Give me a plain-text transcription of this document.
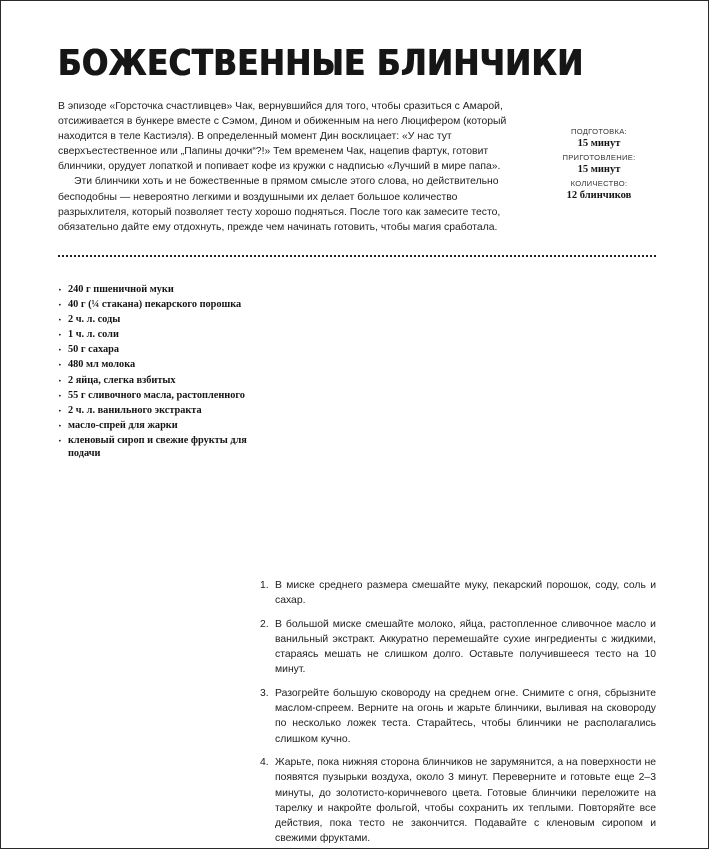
БОЖЕСТВЕННЫЕ БЛИНЧИКИ

В эпизоде «Горсточка счастливцев» Чак, вернувшийся для того, чтобы сразиться с Амарой, отсиживается в бункере вместе с Сэмом, Дином и обиженным на него Люцифером (который находится в теле Кастиэля). В определенный момент Дин восклицает: «У нас тут сверхъестественное или „Папины дочки“?!» Тем временем Чак, нацепив фартук, готовит блинчики, орудует лопаткой и попивает кофе из кружки с надписью «Лучший в мире папа».

Эти блинчики хоть и не божественные в прямом смысле этого слова, но действительно бесподобны — невероятно легкими и воздушными их делает большое количество разрыхлителя, который позволяет тесту хорошо подняться. После того как замесите тесто, обязательно дайте ему отдохнуть, прежде чем начинать готовить, чтобы магия сработала.

ПОДГОТОВКА:
15 минут
ПРИГОТОВЛЕНИЕ:
15 минут
КОЛИЧЕСТВО:
12 блинчиков
· 240 г пшеничной муки
· 40 г (¼ стакана) пекарского порошка
· 2 ч. л. соды
· 1 ч. л. соли
· 50 г сахара
· 480 мл молока
· 2 яйца, слегка взбитых
· 55 г сливочного масла, растопленного
· 2 ч. л. ванильного экстракта
· масло-спрей для жарки
· кленовый сироп и свежие фрукты для подачи
1. В миске среднего размера смешайте муку, пекарский порошок, соду, соль и сахар.
2. В большой миске смешайте молоко, яйца, растопленное сливочное масло и ванильный экстракт. Аккуратно перемешайте сухие ингредиенты с жидкими, стараясь мешать не слишком долго. Оставьте получившееся тесто на 10 минут.
3. Разогрейте большую сковороду на среднем огне. Снимите с огня, сбрызните маслом-спреем. Верните на огонь и жарьте блинчики, выливая на сковороду по несколько ложек теста. Старайтесь, чтобы блинчики не располагались слишком кучно.
4. Жарьте, пока нижняя сторона блинчиков не зарумянится, а на поверхности не появятся пузырьки воздуха, около 3 минут. Переверните и готовьте еще 2–3 минуты, до золотисто-коричневого цвета. Готовые блинчики переложите на тарелку и накройте фольгой, чтобы сохранить их теплыми. Повторяйте все действия, пока тесто не закончится. Подавайте с кленовым сиропом и свежими фруктами.
